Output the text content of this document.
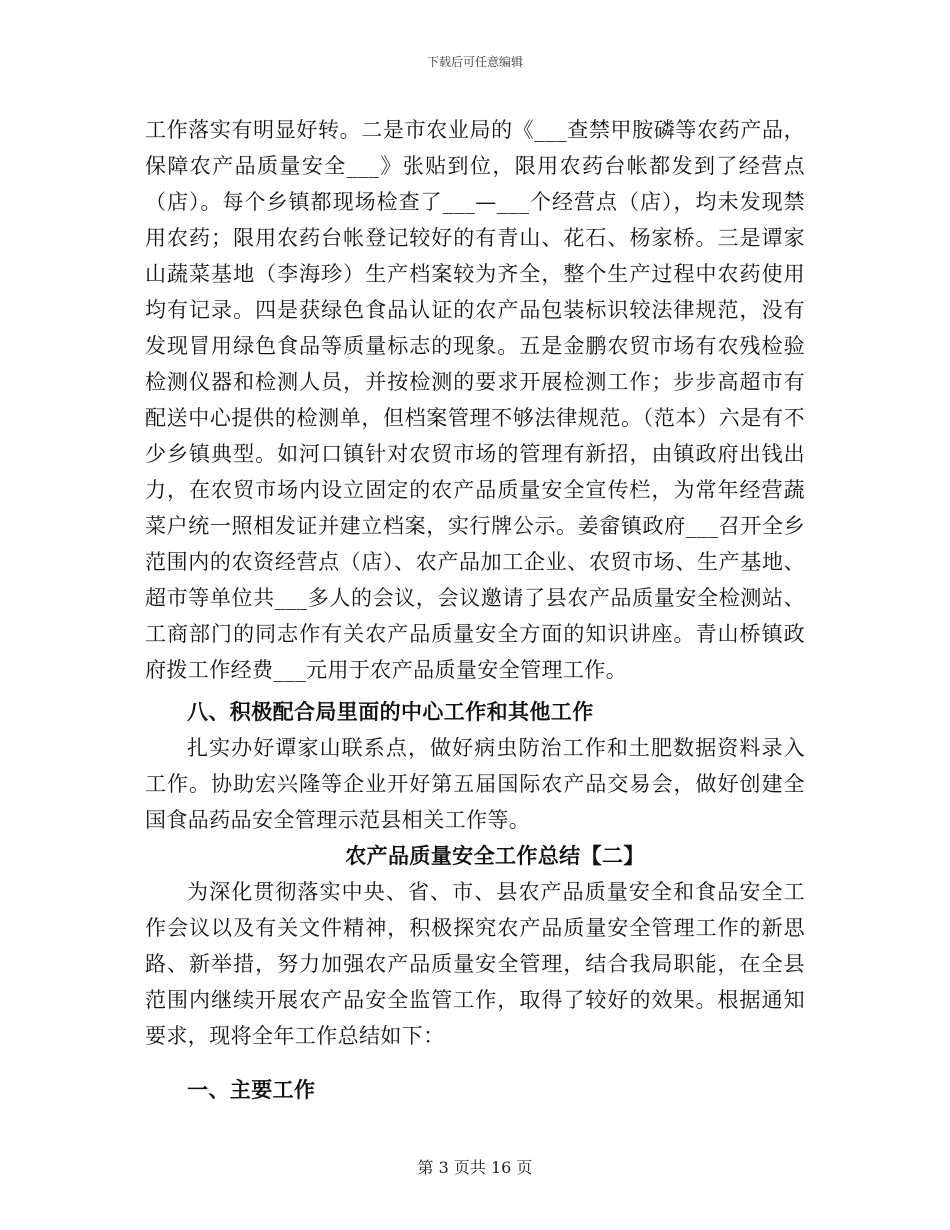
下载后可任意编辑

工作落实有明显好转。二是市农业局的《___查禁甲胺磷等农药产品，保障农产品质量安全___》张贴到位，限用农药台帐都发到了经营点（店）。每个乡镇都现场检查了___—___个经营点（店），均未发现禁用农药；限用农药台帐登记较好的有青山、花石、杨家桥。三是谭家山蔬菜基地（李海珍）生产档案较为齐全，整个生产过程中农药使用均有记录。四是获绿色食品认证的农产品包装标识较法律规范，没有发现冒用绿色食品等质量标志的现象。五是金鹏农贸市场有农残检验检测仪器和检测人员，并按检测的要求开展检测工作；步步高超市有配送中心提供的检测单，但档案管理不够法律规范。（范本）六是有不少乡镇典型。如河口镇针对农贸市场的管理有新招，由镇政府出钱出力，在农贸市场内设立固定的农产品质量安全宣传栏，为常年经营蔬菜户统一照相发证并建立档案，实行牌公示。姜畲镇政府___召开全乡范围内的农资经营点（店）、农产品加工企业、农贸市场、生产基地、超市等单位共___多人的会议，会议邀请了县农产品质量安全检测站、工商部门的同志作有关农产品质量安全方面的知识讲座。青山桥镇政府拨工作经费___元用于农产品质量安全管理工作。

八、积极配合局里面的中心工作和其他工作

扎实办好谭家山联系点，做好病虫防治工作和土肥数据资料录入工作。协助宏兴隆等企业开好第五届国际农产品交易会，做好创建全国食品药品安全管理示范县相关工作等。

农产品质量安全工作总结【二】

为深化贯彻落实中央、省、市、县农产品质量安全和食品安全工作会议以及有关文件精神，积极探究农产品质量安全管理工作的新思路、新举措，努力加强农产品质量安全管理，结合我局职能，在全县范围内继续开展农产品安全监管工作，取得了较好的效果。根据通知要求，现将全年工作总结如下：

一、主要工作

第 3 页共 16 页
